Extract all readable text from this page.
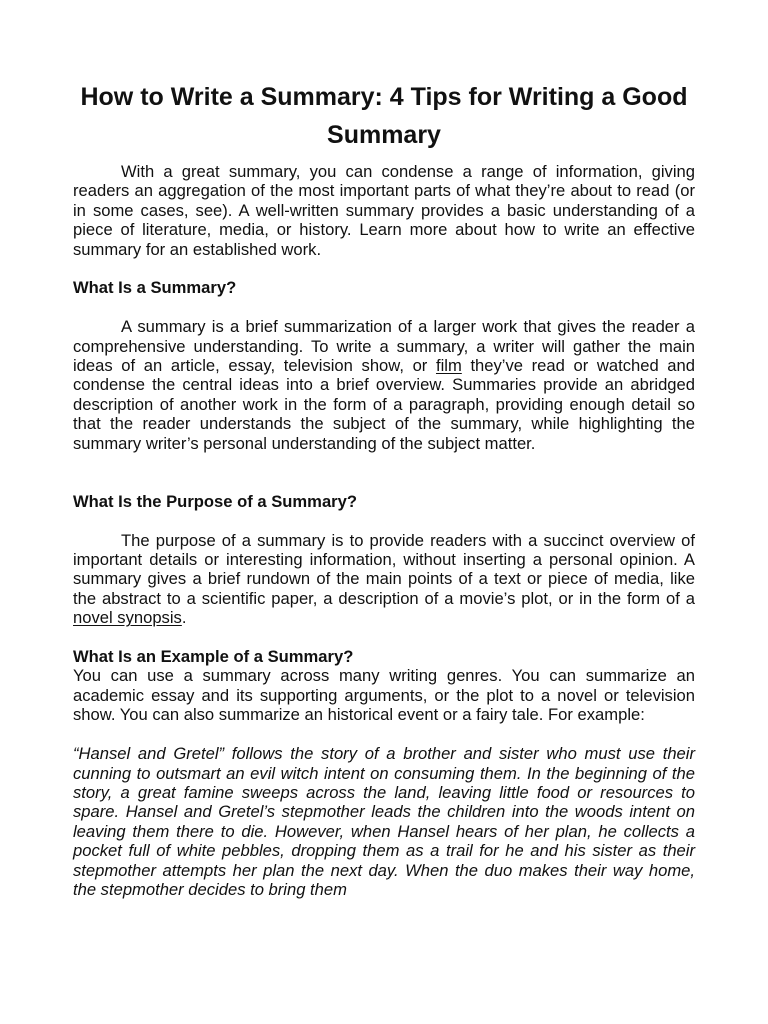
How to Write a Summary: 4 Tips for Writing a Good Summary

With a great summary, you can condense a range of information, giving readers an aggregation of the most important parts of what they’re about to read (or in some cases, see). A well-written summary provides a basic understanding of a piece of literature, media, or history. Learn more about how to write an effective summary for an established work.

What Is a Summary?

A summary is a brief summarization of a larger work that gives the reader a comprehensive understanding. To write a summary, a writer will gather the main ideas of an article, essay, television show, or film they’ve read or watched and condense the central ideas into a brief overview. Summaries provide an abridged description of another work in the form of a paragraph, providing enough detail so that the reader understands the subject of the summary, while highlighting the summary writer’s personal understanding of the subject matter.

What Is the Purpose of a Summary?

The purpose of a summary is to provide readers with a succinct overview of important details or interesting information, without inserting a personal opinion. A summary gives a brief rundown of the main points of a text or piece of media, like the abstract to a scientific paper, a description of a movie’s plot, or in the form of a novel synopsis.

What Is an Example of a Summary?

You can use a summary across many writing genres. You can summarize an academic essay and its supporting arguments, or the plot to a novel or television show. You can also summarize an historical event or a fairy tale. For example:

“Hansel and Gretel” follows the story of a brother and sister who must use their cunning to outsmart an evil witch intent on consuming them. In the beginning of the story, a great famine sweeps across the land, leaving little food or resources to spare. Hansel and Gretel’s stepmother leads the children into the woods intent on leaving them there to die. However, when Hansel hears of her plan, he collects a pocket full of white pebbles, dropping them as a trail for he and his sister as their stepmother attempts her plan the next day. When the duo makes their way home, the stepmother decides to bring them
